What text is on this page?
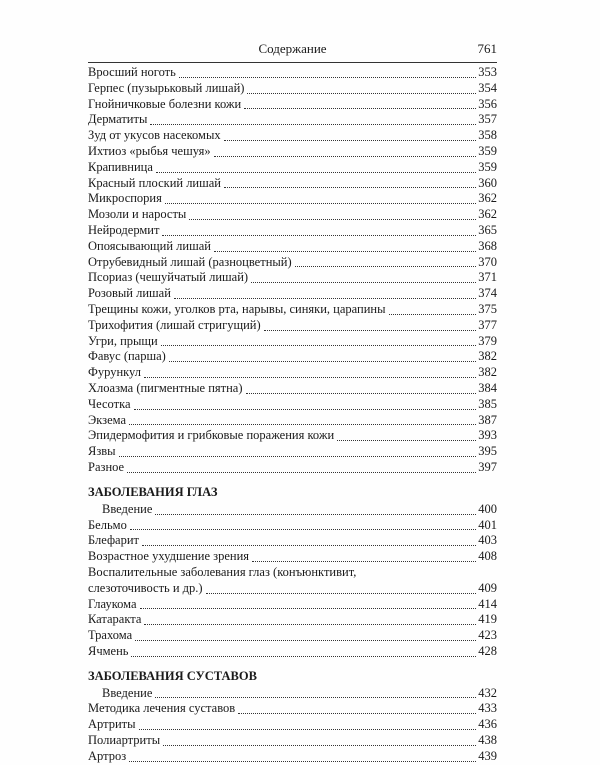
Содержание	761
Вросший ноготь	353
Герпес (пузырьковый лишай)	354
Гнойничковые болезни кожи	356
Дерматиты	357
Зуд от укусов насекомых	358
Ихтиоз «рыбья чешуя»	359
Крапивница	359
Красный плоский лишай	360
Микроспория	362
Мозоли и наросты	362
Нейродермит	365
Опоясывающий лишай	368
Отрубевидный лишай (разноцветный)	370
Псориаз (чешуйчатый лишай)	371
Розовый лишай	374
Трещины кожи, уголков рта, нарывы, синяки, царапины	375
Трихофития (лишай стригущий)	377
Угри, прыщи	379
Фавус (парша)	382
Фурункул	382
Хлоазма (пигментные пятна)	384
Чесотка	385
Экзема	387
Эпидермофития и грибковые поражения кожи	393
Язвы	395
Разное	397
ЗАБОЛЕВАНИЯ ГЛАЗ
Введение	400
Бельмо	401
Блефарит	403
Возрастное ухудшение зрения	408
Воспалительные заболевания глаз (конъюнктивит,
слезоточивость и др.)	409
Глаукома	414
Катаракта	419
Трахома	423
Ячмень	428
ЗАБОЛЕВАНИЯ СУСТАВОВ
Введение	432
Методика лечения суставов	433
Артриты	436
Полиартриты	438
Артроз	439
